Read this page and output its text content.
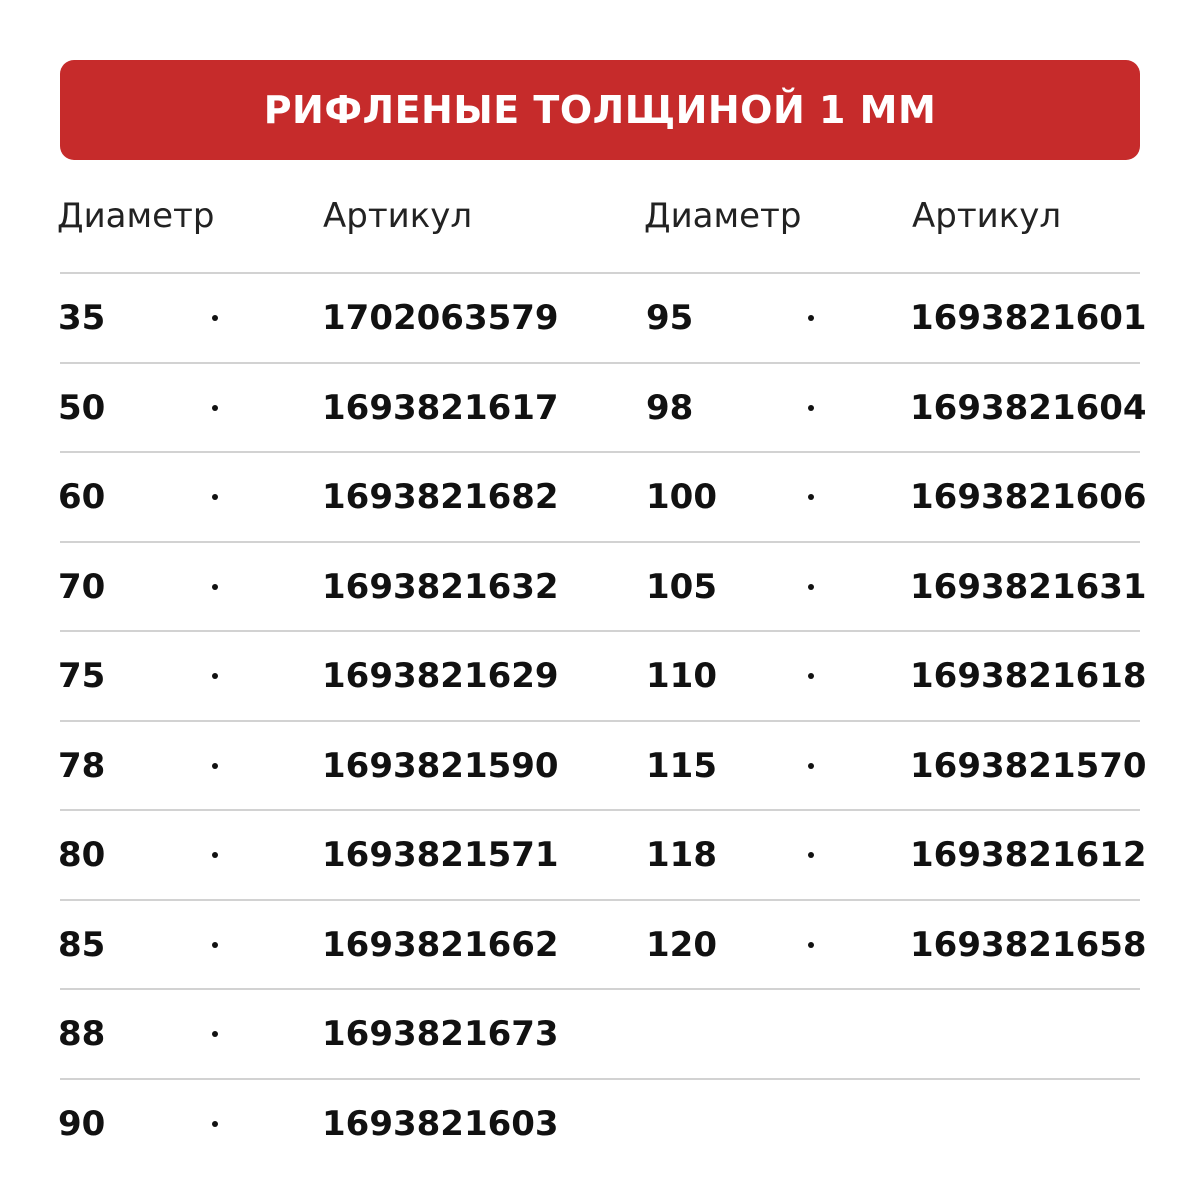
РИФЛЕНЫЕ ТОЛЩИНОЙ 1 ММ
Диаметр	Артикул	Диаметр	Артикул
35	1702063579	95	1693821601
50	1693821617	98	1693821604
60	1693821682	100	1693821606
70	1693821632	105	1693821631
75	1693821629	110	1693821618
78	1693821590	115	1693821570
80	1693821571	118	1693821612
85	1693821662	120	1693821658
88	1693821673
90	1693821603
